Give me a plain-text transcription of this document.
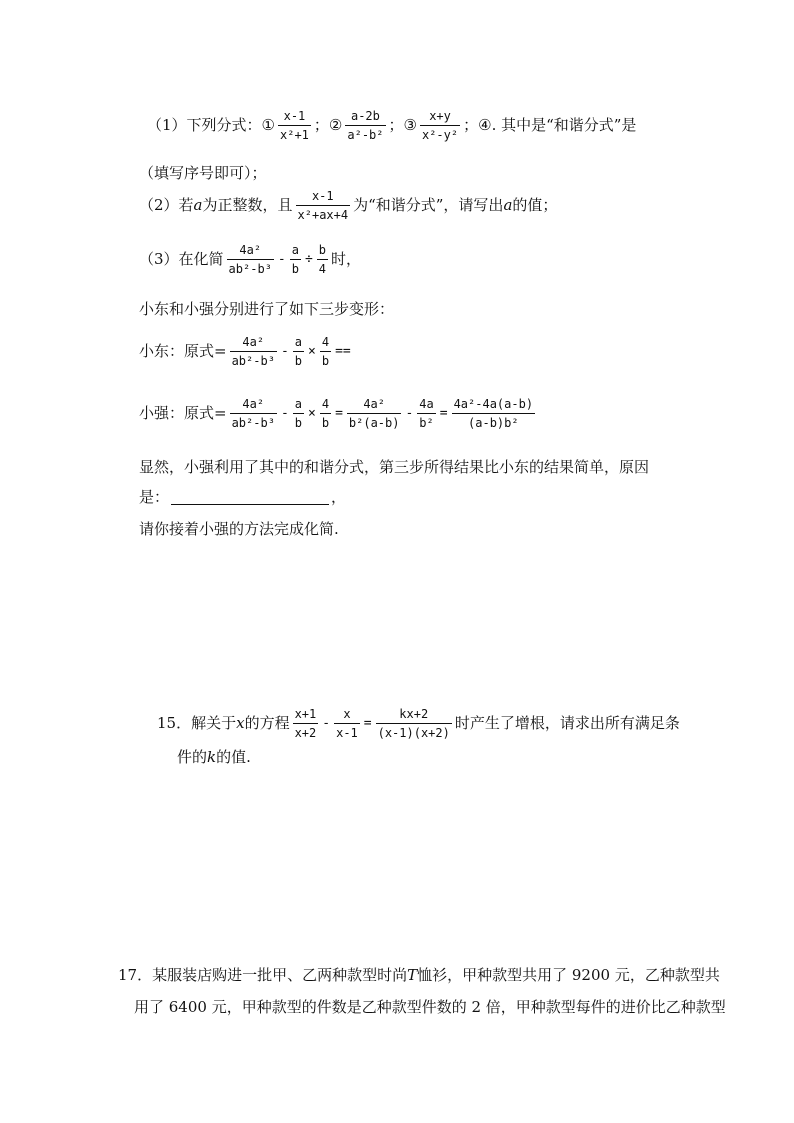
（1）下列分式： ① $\frac{x-1}{\text{x²+1}}$ ； ② $\frac{a-2b}{\text{a²-b²}}$ ； ③ $\frac{x+y}{\text{x²-y²}}$ ； ④ . 其中是“和谐分式”是
（填写序号即可）；
（2）若 a 为正整数，且 $\frac{x-1}{\text{x²+ax+4}}$ 为“和谐分式”，请写出 a 的值；
（3）在化简 $\frac{\text{4a²}}{\text{ab²-b³}} - \frac{a}{b} \div \frac{b}{4}$ 时，
小东和小强分别进行了如下三步变形：
小东：原式= $\frac{\text{4a²}}{\text{ab²-b³}} - \frac{a}{b} \times \frac{4}{b}$ ==
小强：原式= $\frac{\text{4a²}}{\text{ab²-b³}} - \frac{a}{b} \times \frac{4}{b} = \frac{\text{4a²}}{\text{b²(a-b)}} - \frac{4a}{\text{b²}} = \frac{\text{4a²-4a(a-b)}}{\text{(a-b)b²}}$
显然，小强利用了其中的和谐分式，第三步所得结果比小东的结果简单，原因
是：	，
请你接着小强的方法完成化简.
15．解关于 x 的方程 $\frac{x+1}{x+2} - \frac{x}{x-1} = \frac{kx+2}{(x-1)(x+2)}$ 时产生了增根，请求出所有满足条
件的 k 的值.
17．某服装店购进一批甲、乙两种款型时尚 T 恤衫，甲种款型共用了 9200 元，乙种款型共
用了 6400 元，甲种款型的件数是乙种款型件数的 2 倍，甲种款型每件的进价比乙种款型
